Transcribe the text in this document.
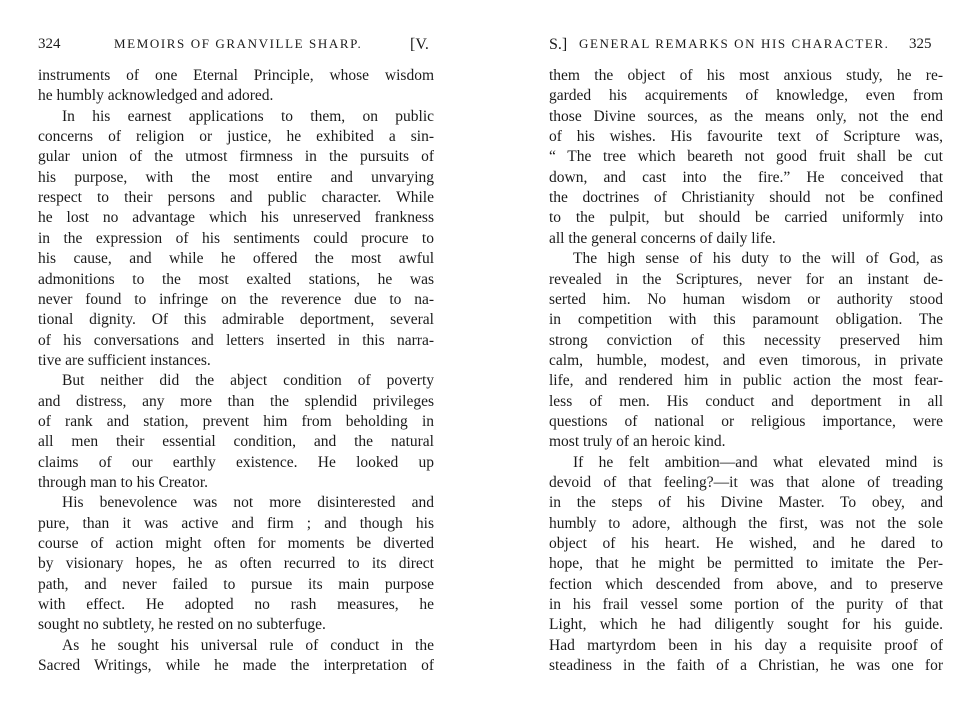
324	MEMOIRS OF GRANVILLE SHARP.	[V.
instruments of one Eternal Principle, whose wisdom
he humbly acknowledged and adored.
In his earnest applications to them, on public
concerns of religion or justice, he exhibited a sin-
gular union of the utmost firmness in the pursuits of
his purpose, with the most entire and unvarying
respect to their persons and public character. While
he lost no advantage which his unreserved frankness
in the expression of his sentiments could procure to
his cause, and while he offered the most awful
admonitions to the most exalted stations, he was
never found to infringe on the reverence due to na-
tional dignity. Of this admirable deportment, several
of his conversations and letters inserted in this narra-
tive are sufficient instances.
But neither did the abject condition of poverty
and distress, any more than the splendid privileges
of rank and station, prevent him from beholding in
all men their essential condition, and the natural
claims of our earthly existence. He looked up
through man to his Creator.
His benevolence was not more disinterested and
pure, than it was active and firm ; and though his
course of action might often for moments be diverted
by visionary hopes, he as often recurred to its direct
path, and never failed to pursue its main purpose
with effect. He adopted no rash measures, he
sought no subtlety, he rested on no subterfuge.
As he sought his universal rule of conduct in the
Sacred Writings, while he made the interpretation of
S.] GENERAL REMARKS ON HIS CHARACTER. 325
them the object of his most anxious study, he re-
garded his acquirements of knowledge, even from
those Divine sources, as the means only, not the end
of his wishes. His favourite text of Scripture was,
“ The tree which beareth not good fruit shall be cut
down, and cast into the fire.” He conceived that
the doctrines of Christianity should not be confined
to the pulpit, but should be carried uniformly into
all the general concerns of daily life.
The high sense of his duty to the will of God, as
revealed in the Scriptures, never for an instant de-
serted him. No human wisdom or authority stood
in competition with this paramount obligation. The
strong conviction of this necessity preserved him
calm, humble, modest, and even timorous, in private
life, and rendered him in public action the most fear-
less of men. His conduct and deportment in all
questions of national or religious importance, were
most truly of an heroic kind.
If he felt ambition—and what elevated mind is
devoid of that feeling?—it was that alone of treading
in the steps of his Divine Master. To obey, and
humbly to adore, although the first, was not the sole
object of his heart. He wished, and he dared to
hope, that he might be permitted to imitate the Per-
fection which descended from above, and to preserve
in his frail vessel some portion of the purity of that
Light, which he had diligently sought for his guide.
Had martyrdom been in his day a requisite proof of
steadiness in the faith of a Christian, he was one for
